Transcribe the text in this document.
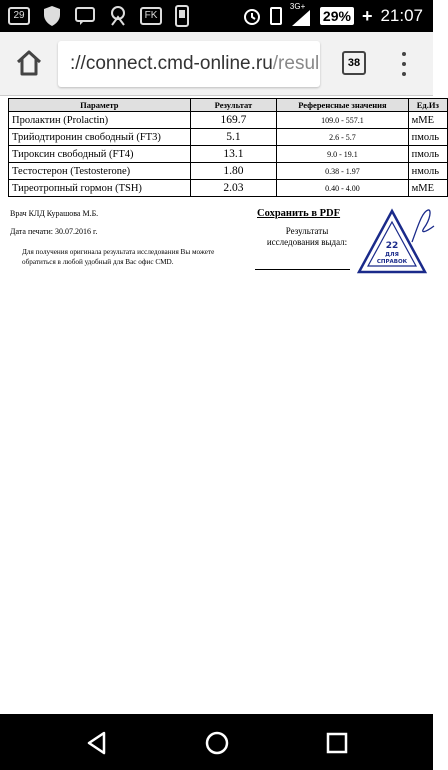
29	FK
3G+
29% + 21:07
://connect.cmd-online.ru/resul	38
Параметр	Результат	Референсные значения	Ед.Из
Пролактин (Prolactin)	169.7	109.0 - 557.1	мМЕ
Трийодтиронин свободный (FT3)	5.1	2.6 - 5.7	пмоль
Тироксин свободный (FT4)	13.1	9.0 - 19.1	пмоль
Тестостерон (Testosterone)	1.80	0.38 - 1.97	нмоль
Тиреотропный гормон (TSH)	2.03	0.40 - 4.00	мМЕ
Врач КЛД Курашова М.Б.
Дата печати: 30.07.2016 г.
Для получения оригинала результата исследования Вы можете обратиться в любой удобный для Вас офис CMD.
Сохранить в PDF
Результаты исследования выдал:	22
ДЛЯ
СПРАВОК
